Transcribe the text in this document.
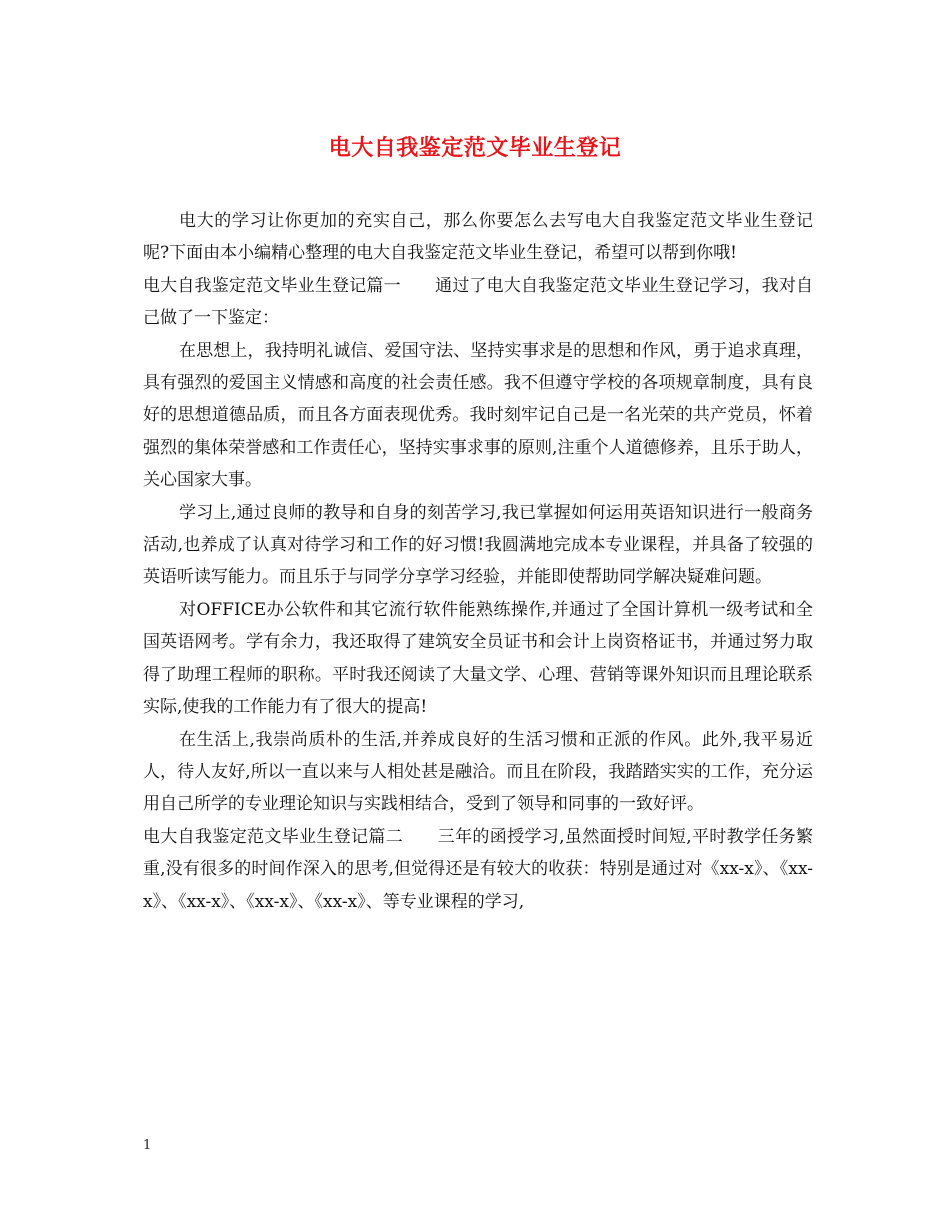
电大自我鉴定范文毕业生登记

电大的学习让你更加的充实自己，那么你要怎么去写电大自我鉴定范文毕业生登记呢?下面由本小编精心整理的电大自我鉴定范文毕业生登记，希望可以帮到你哦!

电大自我鉴定范文毕业生登记篇一　　通过了电大自我鉴定范文毕业生登记学习，我对自己做了一下鉴定：

在思想上，我持明礼诚信、爱国守法、坚持实事求是的思想和作风，勇于追求真理，具有强烈的爱国主义情感和高度的社会责任感。我不但遵守学校的各项规章制度，具有良好的思想道德品质，而且各方面表现优秀。我时刻牢记自己是一名光荣的共产党员，怀着强烈的集体荣誉感和工作责任心，坚持实事求事的原则,注重个人道德修养，且乐于助人，关心国家大事。

学习上,通过良师的教导和自身的刻苦学习,我已掌握如何运用英语知识进行一般商务活动,也养成了认真对待学习和工作的好习惯!我圆满地完成本专业课程，并具备了较强的英语听读写能力。而且乐于与同学分享学习经验，并能即使帮助同学解决疑难问题。

对OFFICE办公软件和其它流行软件能熟练操作,并通过了全国计算机一级考试和全国英语网考。学有余力，我还取得了建筑安全员证书和会计上岗资格证书，并通过努力取得了助理工程师的职称。平时我还阅读了大量文学、心理、营销等课外知识而且理论联系实际,使我的工作能力有了很大的提高!

在生活上,我崇尚质朴的生活,并养成良好的生活习惯和正派的作风。此外,我平易近人，待人友好,所以一直以来与人相处甚是融洽。而且在阶段，我踏踏实实的工作，充分运用自己所学的专业理论知识与实践相结合，受到了领导和同事的一致好评。

电大自我鉴定范文毕业生登记篇二　　三年的函授学习,虽然面授时间短,平时教学任务繁重,没有很多的时间作深入的思考,但觉得还是有较大的收获：特别是通过对《xx-x》、《xx-x》、《xx-x》、《xx-x》、《xx-x》、等专业课程的学习,

1
